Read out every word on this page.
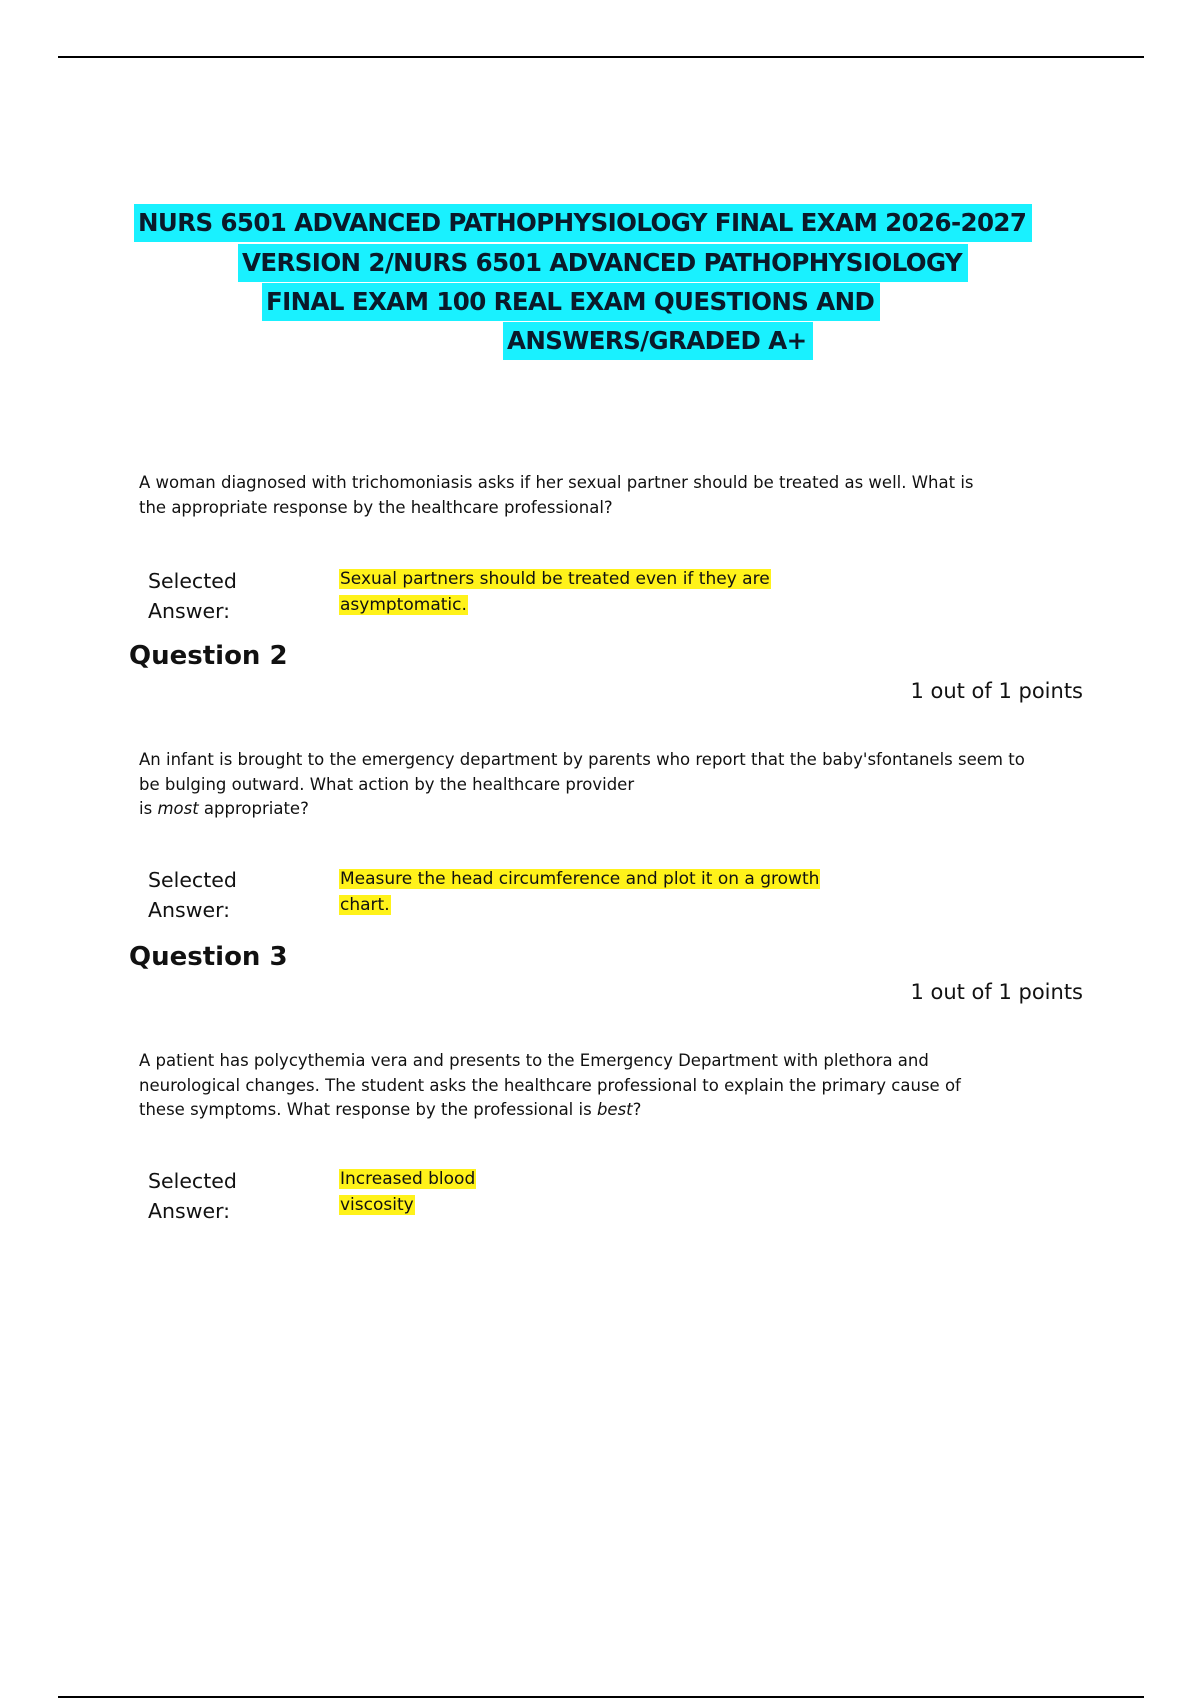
NURS 6501 ADVANCED PATHOPHYSIOLOGY FINAL EXAM 2026-2027
VERSION 2/NURS 6501 ADVANCED PATHOPHYSIOLOGY
FINAL EXAM 100 REAL EXAM QUESTIONS AND
ANSWERS/GRADED A+
A woman diagnosed with trichomoniasis asks if her sexual partner should be treated as well. What is
the appropriate response by the healthcare professional?
Selected
Answer:
Sexual partners should be treated even if they are
asymptomatic.
Question 2
1 out of 1 points
An infant is brought to the emergency department by parents who report that the baby'sfontanels seem to
be bulging outward. What action by the healthcare provider
is most appropriate?
Selected
Answer:
Measure the head circumference and plot it on a growth
chart.
Question 3
1 out of 1 points
A patient has polycythemia vera and presents to the Emergency Department with plethora and
neurological changes. The student asks the healthcare professional to explain the primary cause of
these symptoms. What response by the professional is best?
Selected
Answer:
Increased blood
viscosity
